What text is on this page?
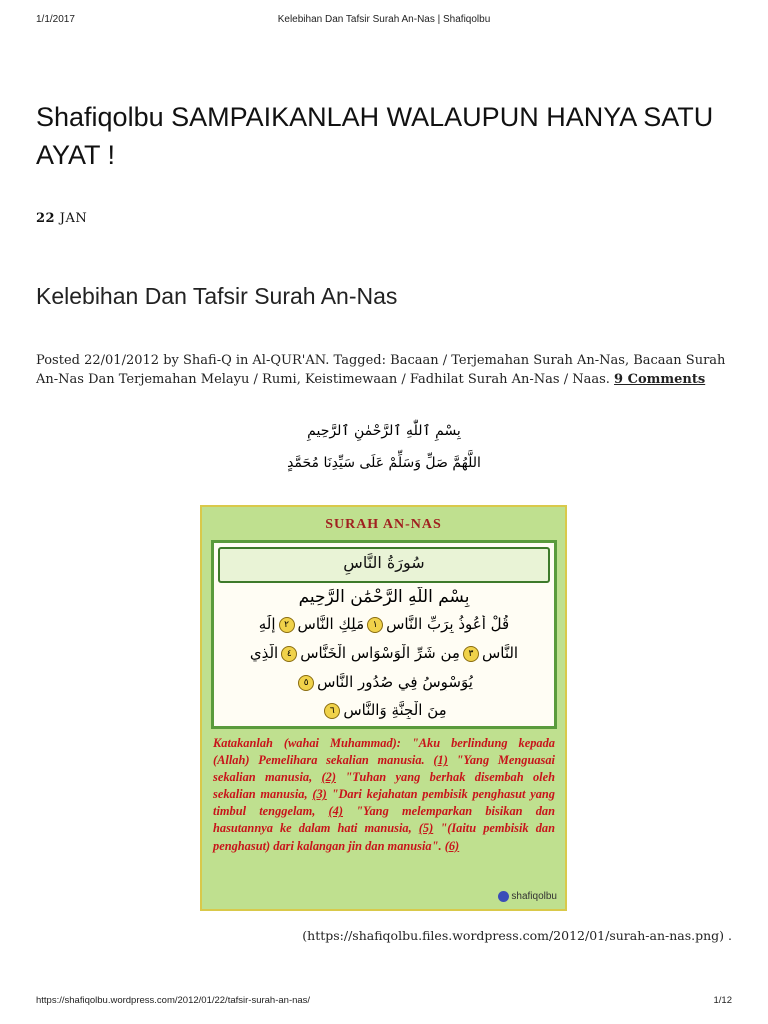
1/1/2017	Kelebihan Dan Tafsir Surah An-Nas | Shafiqolbu
Shafiqolbu SAMPAIKANLAH WALAUPUN HANYA SATU AYAT !
22 JAN
Kelebihan Dan Tafsir Surah An-Nas
Posted 22/01/2012 by Shafi-Q in Al-QUR'AN. Tagged: Bacaan / Terjemahan Surah An-Nas, Bacaan Surah An-Nas Dan Terjemahan Melayu / Rumi, Keistimewaan / Fadhilat Surah An-Nas / Naas. 9 Comments
بِسْمِ ٱللّٰهِ ٱلرَّحْمٰنِ ٱلرَّحِيمِ
اللَّهُمَّ صَلِّ وَسَلِّمْ عَلَى سَيِّدِنَا مُحَمَّدٍ
SURAH AN-NAS
سُورَةُ النَّاسِ
بِسْمِ اللَّهِ الرَّحْمَٰنِ الرَّحِيمِ
قُلْ أَعُوذُ بِرَبِّ النَّاسِ١مَلِكِ النَّاسِ٢إِلَٰهِ
النَّاسِ٣مِن شَرِّ الْوَسْوَاسِ الْخَنَّاسِ٤الَّذِي
يُوَسْوِسُ فِي صُدُورِ النَّاسِ٥
مِنَ الْجِنَّةِ وَالنَّاسِ٦
Katakanlah (wahai Muhammad): "Aku berlindung kepada (Allah) Pemelihara sekalian manusia. (1) "Yang Menguasai sekalian manusia, (2) "Tuhan yang berhak disembah oleh sekalian manusia, (3) "Dari kejahatan pembisik penghasut yang timbul tenggelam, (4) "Yang melemparkan bisikan dan hasutannya ke dalam hati manusia, (5) "(Iaitu pembisik dan penghasut) dari kalangan jin dan manusia". (6)
shafiqolbu
(https://shafiqolbu.files.wordpress.com/2012/01/surah-an-nas.png) .
https://shafiqolbu.wordpress.com/2012/01/22/tafsir-surah-an-nas/	1/12
